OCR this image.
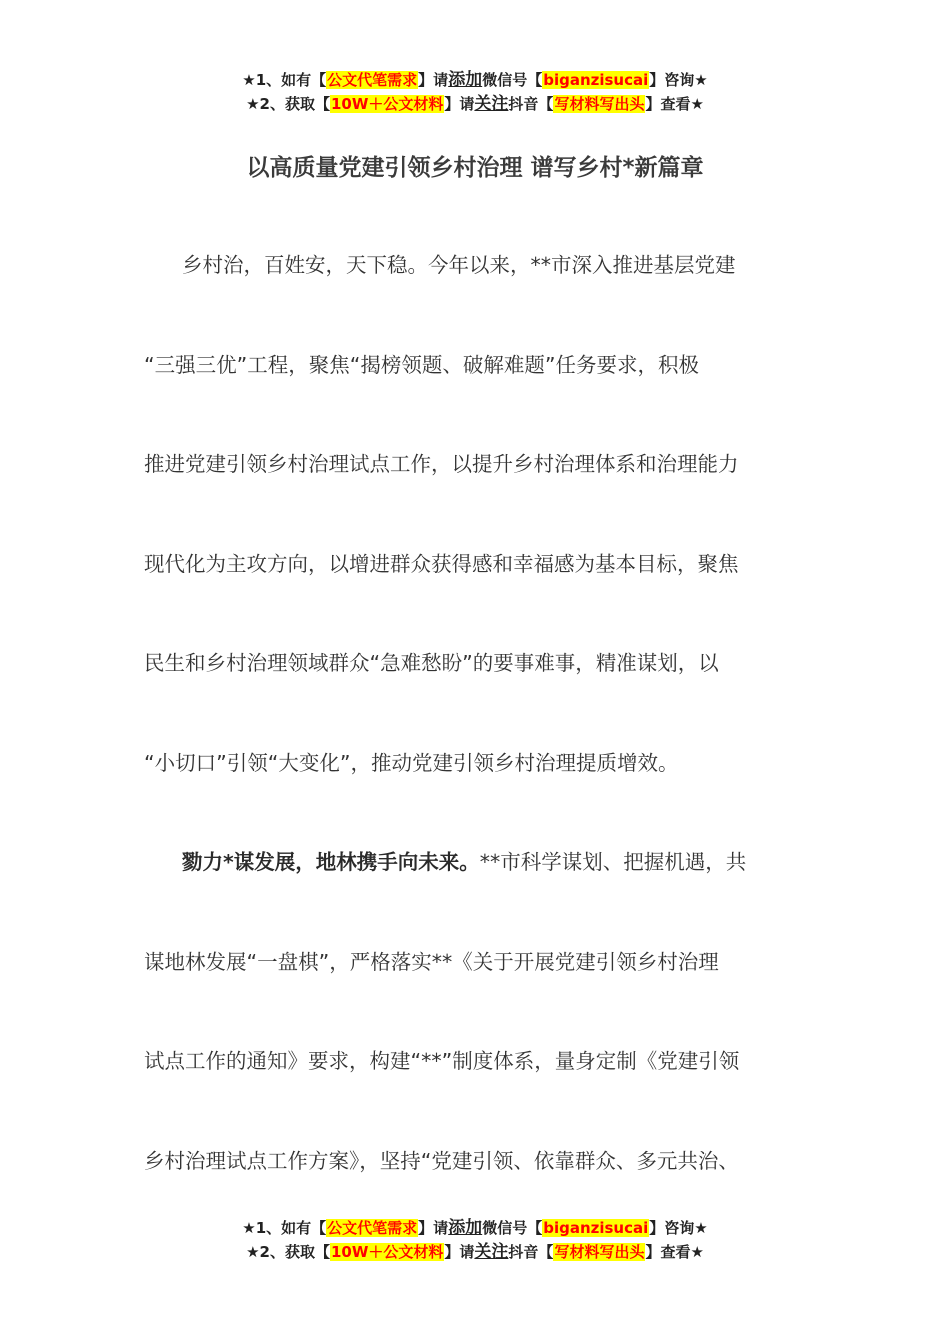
★1、如有【公文代笔需求】请添加微信号【biganzisucai】咨询★
★2、获取【10W＋公文材料】请关注抖音【写材料写出头】查看★
以高质量党建引领乡村治理 谱写乡村*新篇章
乡村治，百姓安，天下稳。今年以来，**市深入推进基层党建
“三强三优”工程，聚焦“揭榜领题、破解难题”任务要求，积极
推进党建引领乡村治理试点工作，以提升乡村治理体系和治理能力
现代化为主攻方向，以增进群众获得感和幸福感为基本目标，聚焦
民生和乡村治理领域群众“急难愁盼”的要事难事，精准谋划，以
“小切口”引领“大变化”，推动党建引领乡村治理提质增效。
勠力*谋发展，地林携手向未来。**市科学谋划、把握机遇，共
谋地林发展“一盘棋”，严格落实**《关于开展党建引领乡村治理
试点工作的通知》要求，构建“**”制度体系，量身定制《党建引领
乡村治理试点工作方案》，坚持“党建引领、依靠群众、多元共治、
★1、如有【公文代笔需求】请添加微信号【biganzisucai】咨询★
★2、获取【10W＋公文材料】请关注抖音【写材料写出头】查看★
